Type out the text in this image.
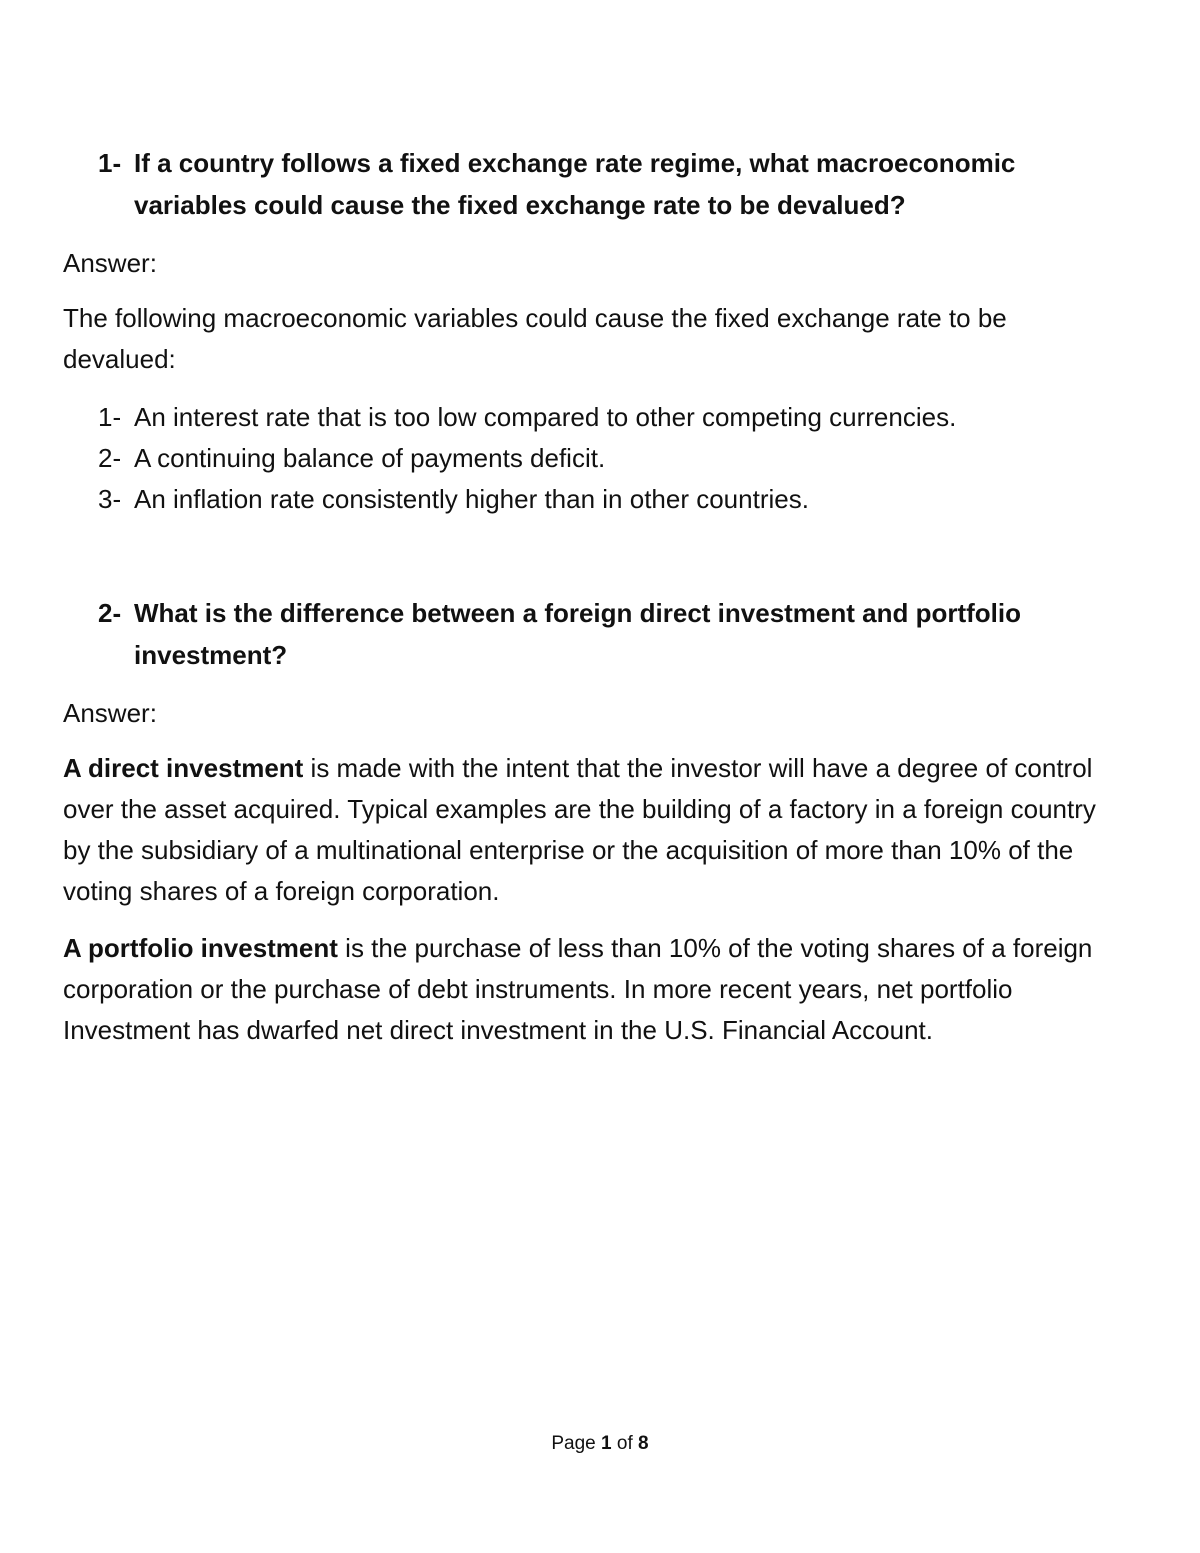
1- If a country follows a fixed exchange rate regime, what macroeconomic variables could cause the fixed exchange rate to be devalued?
Answer:
The following macroeconomic variables could cause the fixed exchange rate to be devalued:
1- An interest rate that is too low compared to other competing currencies.
2- A continuing balance of payments deficit.
3- An inflation rate consistently higher than in other countries.
2- What is the difference between a foreign direct investment and portfolio investment?
Answer:

A direct investment is made with the intent that the investor will have a degree of control over the asset acquired. Typical examples are the building of a factory in a foreign country by the subsidiary of a multinational enterprise or the acquisition of more than 10% of the voting shares of a foreign corporation.

A portfolio investment is the purchase of less than 10% of the voting shares of a foreign corporation or the purchase of debt instruments. In more recent years, net portfolio Investment has dwarfed net direct investment in the U.S. Financial Account.

Page 1 of 8
